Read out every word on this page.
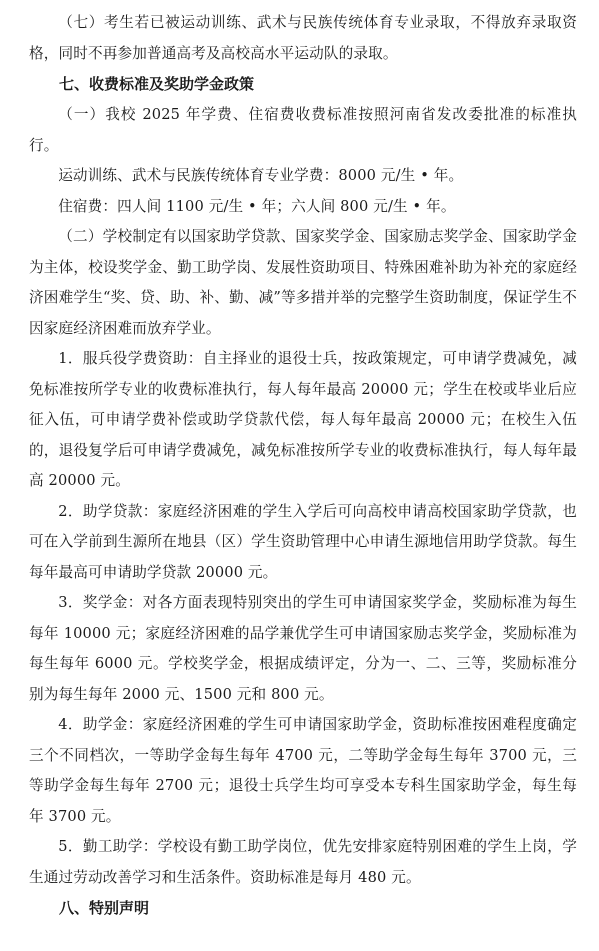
（七）考生若已被运动训练、武术与民族传统体育专业录取，不得放弃录取资格，同时不再参加普通高考及高校高水平运动队的录取。

七、收费标准及奖助学金政策

（一）我校 2025 年学费、住宿费收费标准按照河南省发改委批准的标准执行。

运动训练、武术与民族传统体育专业学费：8000 元/生 • 年。

住宿费：四人间 1100 元/生 • 年；六人间 800 元/生 • 年。

（二）学校制定有以国家助学贷款、国家奖学金、国家励志奖学金、国家助学金为主体，校设奖学金、勤工助学岗、发展性资助项目、特殊困难补助为补充的家庭经济困难学生“奖、贷、助、补、勤、减”等多措并举的完整学生资助制度，保证学生不因家庭经济困难而放弃学业。

1．服兵役学费资助：自主择业的退役士兵，按政策规定，可申请学费减免，减免标准按所学专业的收费标准执行，每人每年最高 20000 元；学生在校或毕业后应征入伍，可申请学费补偿或助学贷款代偿，每人每年最高 20000 元；在校生入伍的，退役复学后可申请学费减免，减免标准按所学专业的收费标准执行，每人每年最高 20000 元。

2．助学贷款：家庭经济困难的学生入学后可向高校申请高校国家助学贷款，也可在入学前到生源所在地县（区）学生资助管理中心申请生源地信用助学贷款。每生每年最高可申请助学贷款 20000 元。

3．奖学金：对各方面表现特别突出的学生可申请国家奖学金，奖励标准为每生每年 10000 元；家庭经济困难的品学兼优学生可申请国家励志奖学金，奖励标准为每生每年 6000 元。学校奖学金，根据成绩评定，分为一、二、三等，奖励标准分别为每生每年 2000 元、1500 元和 800 元。

4．助学金：家庭经济困难的学生可申请国家助学金，资助标准按困难程度确定三个不同档次，一等助学金每生每年 4700 元，二等助学金每生每年 3700 元，三等助学金每生每年 2700 元；退役士兵学生均可享受本专科生国家助学金，每生每年 3700 元。

5．勤工助学：学校设有勤工助学岗位，优先安排家庭特别困难的学生上岗，学生通过劳动改善学习和生活条件。资助标准是每月 480 元。

八、特别声明
